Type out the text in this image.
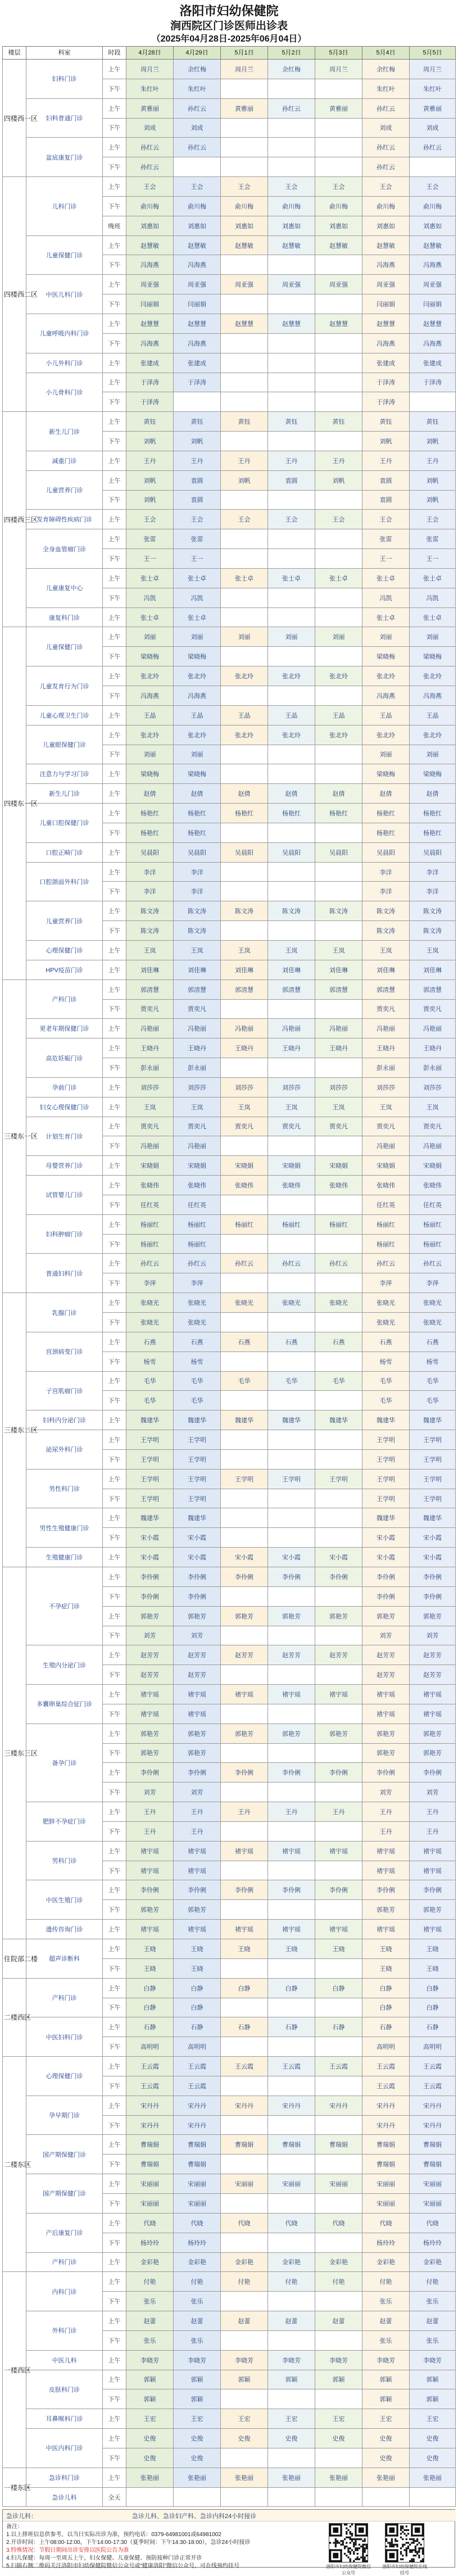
洛阳市妇幼保健院
涧西院区门诊医师出诊表
（2025年04月28日-2025年06月04日）
楼层	科室	时段	4月28日	4月29日	5月1日	5月2日	5月3日	5月4日	5月5日
四楼西一区	妇科门诊	上午	周月兰	余红梅	周月兰	余红梅	周月兰	余红梅	周月兰
		下午	朱红叶	朱红叶				朱红叶	朱红叶
	妇科普通门诊	上午	黄雅丽	孙红云	黄雅丽	孙红云	黄雅丽	孙红云	黄雅丽
		下午	刘成	刘成				刘成	刘成
	盆底康复门诊	上午	孙红云	孙红云				孙红云	孙红云
		下午	孙红云					孙红云	
四楼西二区	儿科门诊	上午	王会	王会	王会	王会	王会	王会	王会
		下午	俞川梅	俞川梅	俞川梅	俞川梅	俞川梅	俞川梅	俞川梅
		晚班	刘惠如	刘惠如	刘惠如	刘惠如	刘惠如	刘惠如	刘惠如
	儿童保健门诊	上午	赵慧敏	赵慧敏	赵慧敏	赵慧敏	赵慧敏	赵慧敏	赵慧敏
		下午	冯海燕	冯海燕				冯海燕	冯海燕
	中医儿科门诊	上午	周亚强	周亚强	周亚强	周亚强	周亚强	周亚强	周亚强
		下午	闫丽娟	闫丽娟				闫丽娟	闫丽娟
	儿童呼吸内科门诊	上午	赵慧慧	赵慧慧	赵慧慧	赵慧慧	赵慧慧	赵慧慧	赵慧慧
		下午	冯海燕	冯海燕				冯海燕	冯海燕
	小儿外科门诊	上午	张建成	张建成				张建成	张建成
	小儿骨科门诊	上午	于泽涛	于泽涛				于泽涛	于泽涛
		下午	于泽涛					于泽涛	
四楼西三区	新生儿门诊	上午	黄钰	黄钰	黄钰	黄钰	黄钰	黄钰	黄钰
		下午	刘帆	刘帆				刘帆	刘帆
	减重门诊	上午	王丹	王丹	王丹	王丹	王丹	王丹	王丹
	儿童营养门诊	上午	刘帆	袁圆	刘帆	袁圆	刘帆	袁圆	刘帆
		下午	刘帆	袁圆				袁圆	刘帆
	发育障碍性疾病门诊	上午	王会	王会	王会	王会	王会	王会	王会
	全身血管瘤门诊	上午	张雷	张雷				张雷	张雷
		下午	王一	王一				王一	王一
	儿童康复中心	上午	张士卓	张士卓	张士卓	张士卓	张士卓	张士卓	张士卓
		下午	冯凯	冯凯				冯凯	冯凯
	康复科门诊	上午	张士卓	张士卓				张士卓	张士卓
四楼东一区	儿童保健门诊	上午	刘丽	刘丽	刘丽	刘丽	刘丽	刘丽	刘丽
		下午	梁晓梅	梁晓梅				梁晓梅	梁晓梅
	儿童发育行为门诊	上午	张北玲	张北玲	张北玲	张北玲	张北玲	张北玲	张北玲
		下午	冯海燕	冯海燕				冯海燕	冯海燕
	儿童心理卫生门诊	上午	王晶	王晶	王晶	王晶	王晶	王晶	王晶
	儿童眼保健门诊	上午	张北玲	张北玲	张北玲	张北玲	张北玲	张北玲	张北玲
		下午	刘丽	刘丽				刘丽	刘丽
	注意力与学习门诊	上午	梁晓梅	梁晓梅				梁晓梅	梁晓梅
	新生儿门诊	上午	赵倩	赵倩	赵倩	赵倩	赵倩	赵倩	赵倩
	儿童口腔保健门诊	上午	杨艳红	杨艳红	杨艳红	杨艳红	杨艳红	杨艳红	杨艳红
		下午	杨艳红	杨艳红				杨艳红	杨艳红
	口腔正畸门诊	上午	吴晨阳	吴晨阳	吴晨阳	吴晨阳	吴晨阳	吴晨阳	吴晨阳
	口腔颌面外科门诊	上午	李洋	李洋				李洋	李洋
		下午	李洋	李洋				李洋	李洋
	儿童营养门诊	上午	陈文涛	陈文涛	陈文涛	陈文涛	陈文涛	陈文涛	陈文涛
		下午	陈文涛	陈文涛				陈文涛	陈文涛
	心理保健门诊	上午	王岚	王岚	王岚	王岚	王岚	王岚	王岚
	HPV疫苗门诊	上午	刘佳琳	刘佳琳	刘佳琳	刘佳琳	刘佳琳	刘佳琳	刘佳琳
三楼东一区	产科门诊	上午	郭清慧	郭清慧	郭清慧	郭清慧	郭清慧	郭清慧	郭清慧
		下午	贾奕凡	贾奕凡				贾奕凡	贾奕凡
	更老年期保健门诊	上午	冯艳丽	冯艳丽	冯艳丽	冯艳丽	冯艳丽	冯艳丽	冯艳丽
	高危妊娠门诊	上午	王晓丹	王晓丹	王晓丹	王晓丹	王晓丹	王晓丹	王晓丹
		下午	彭永丽	彭永丽				彭永丽	彭永丽
	孕前门诊	上午	刘莎莎	刘莎莎	刘莎莎	刘莎莎	刘莎莎	刘莎莎	刘莎莎
	妇女心理保健门诊	上午	王岚	王岚	王岚	王岚	王岚	王岚	王岚
	计划生育门诊	上午	贾奕凡	贾奕凡	贾奕凡	贾奕凡	贾奕凡	贾奕凡	贾奕凡
		下午	冯艳丽	冯艳丽				冯艳丽	冯艳丽
	母婴营养门诊	上午	宋晓娟	宋晓娟	宋晓娟	宋晓娟	宋晓娟	宋晓娟	宋晓娟
	试管婴儿门诊	上午	张晓伟	张晓伟	张晓伟	张晓伟	张晓伟	张晓伟	张晓伟
		下午	任红英	任红英				任红英	任红英
	妇科肿瘤门诊	上午	杨丽红	杨丽红	杨丽红	杨丽红	杨丽红	杨丽红	杨丽红
		下午	杨丽红	杨丽红				杨丽红	杨丽红
	普通妇科门诊	上午	孙红云	孙红云	孙红云	孙红云	孙红云	孙红云	孙红云
		下午	李萍	李萍				李萍	李萍
三楼东二区	乳腺门诊	上午	张晓光	张晓光	张晓光	张晓光	张晓光	张晓光	张晓光
		下午	张晓光	张晓光				张晓光	张晓光
	宫颈病变门诊	上午	石燕	石燕	石燕	石燕	石燕	石燕	石燕
		下午	杨雪	杨雪				杨雪	杨雪
	子宫肌瘤门诊	上午	毛华	毛华	毛华	毛华	毛华	毛华	毛华
		下午	毛华	毛华				毛华	毛华
	妇科内分泌门诊	上午	魏建华	魏建华	魏建华	魏建华	魏建华	魏建华	魏建华
	泌尿外科门诊	上午	王学明	王学明				王学明	王学明
		下午	王学明	王学明				王学明	王学明
	男性科门诊	上午	王学明	王学明	王学明	王学明	王学明	王学明	王学明
		下午	王学明	王学明				王学明	王学明
	男性生殖健康门诊	上午	魏建华	魏建华				魏建华	魏建华
		下午	宋小霞	宋小霞				宋小霞	宋小霞
	生殖健康门诊	上午	宋小霞	宋小霞	宋小霞	宋小霞	宋小霞	宋小霞	宋小霞
三楼东三区	不孕症门诊	上午	李伶俐	李伶俐	李伶俐	李伶俐	李伶俐	李伶俐	李伶俐
		下午	李伶俐	李伶俐				李伶俐	李伶俐
		上午	郭艳芳	郭艳芳	郭艳芳	郭艳芳	郭艳芳	郭艳芳	郭艳芳
		下午	刘芳	刘芳				刘芳	刘芳
	生殖内分泌门诊	上午	赵芳芳	赵芳芳	赵芳芳	赵芳芳	赵芳芳	赵芳芳	赵芳芳
		下午	赵芳芳	赵芳芳				赵芳芳	赵芳芳
	多囊卵巢综合征门诊	上午	褚宇瑶	褚宇瑶	褚宇瑶	褚宇瑶	褚宇瑶	褚宇瑶	褚宇瑶
		下午	褚宇瑶	褚宇瑶				褚宇瑶	褚宇瑶
	备孕门诊	上午	郭艳芳	郭艳芳	郭艳芳	郭艳芳	郭艳芳	郭艳芳	郭艳芳
		下午	郭艳芳	郭艳芳				郭艳芳	郭艳芳
		上午	李伶俐	李伶俐	李伶俐	李伶俐	李伶俐	李伶俐	李伶俐
		下午	刘芳	刘芳				刘芳	刘芳
	肥胖不孕症门诊	上午	王丹	王丹	王丹	王丹	王丹	王丹	王丹
		下午	王丹	王丹				王丹	王丹
	男科门诊	上午	褚宇瑶	褚宇瑶	褚宇瑶	褚宇瑶	褚宇瑶	褚宇瑶	褚宇瑶
		下午	褚宇瑶	褚宇瑶				褚宇瑶	褚宇瑶
	中医生殖门诊	上午	李伶俐	李伶俐	李伶俐	李伶俐	李伶俐	李伶俐	李伶俐
		下午	郭艳芳	郭艳芳				郭艳芳	郭艳芳
	遗传咨询门诊	上午	褚宇瑶	褚宇瑶	褚宇瑶	褚宇瑶	褚宇瑶	褚宇瑶	褚宇瑶
住院部二楼	超声诊断科	上午	王晓	王晓	王晓	王晓	王晓	王晓	王晓
		下午	王晓	王晓				王晓	王晓
二楼西区	产科门诊	上午	白静	白静	白静	白静	白静	白静	白静
		下午	白静	白静				白静	白静
	中医妇科门诊	上午	石静	石静	石静	石静	石静	石静	石静
		下午	高明明	高明明				高明明	高明明
二楼东区	心理保健门诊	上午	王云霞	王云霞	王云霞	王云霞	王云霞	王云霞	王云霞
		下午	王云霞	王云霞				王云霞	王云霞
	孕早期门诊	上午	宋丹丹	宋丹丹	宋丹丹	宋丹丹	宋丹丹	宋丹丹	宋丹丹
		下午	宋丹丹	宋丹丹				宋丹丹	宋丹丹
	国产期保健门诊	上午	曹瑞娟	曹瑞娟	曹瑞娟	曹瑞娟	曹瑞娟	曹瑞娟	曹瑞娟
		下午	曹瑞娟	曹瑞娟				曹瑞娟	曹瑞娟
	国产期保健门诊	上午	宋丽丽	宋丽丽	宋丽丽	宋丽丽	宋丽丽	宋丽丽	宋丽丽
		下午	宋丽丽	宋丽丽				宋丽丽	宋丽丽
	产后康复门诊	上午	代晓	代晓	代晓	代晓	代晓	代晓	代晓
		下午	杨玲玲	杨玲玲				杨玲玲	杨玲玲
	产科门诊	上午	金彩艳	金彩艳	金彩艳	金彩艳	金彩艳	金彩艳	金彩艳
一楼西区	内科门诊	上午	付艳	付艳	付艳	付艳	付艳	付艳	付艳
		下午	张乐	张乐				张乐	张乐
	外科门诊	上午	赵蕾	赵蕾	赵蕾	赵蕾	赵蕾	赵蕾	赵蕾
		下午	张乐	张乐				张乐	张乐
	中医儿科	上午	李晓芳	李晓芳	李晓芳	李晓芳	李晓芳	李晓芳	李晓芳
	皮肤科门诊	上午	郭颖	郭颖	郭颖	郭颖	郭颖	郭颖	郭颖
		下午	郭颖	郭颖				郭颖	郭颖
	耳鼻喉科门诊	上午	王宏	王宏	王宏	王宏	王宏	王宏	王宏
	中医内科门诊	上午	史俊	史俊	史俊	史俊	史俊	史俊	史俊
		下午	史俊	史俊				史俊	史俊
一楼东区	急诊科门诊	上午	张艳丽	张艳丽	张艳丽	张艳丽	张艳丽	张艳丽	张艳丽
	急诊儿科	全天							
急诊儿科：	急诊儿科、急诊妇产科、急诊内科24小时接诊
备注：
1.以上排班信息供参考，以当日实际出诊为准，预约电话：0379-64981001或64981002
2.开诊时间：上午08:00-12:00，下午14:00-17:30（夏季时间：下午14:30-18:00），急诊24小时接诊
3.特殊情况：节假日期间出诊安排以医院公告为准
4.妇儿保健：每周一至周五上午，妇女保健、儿童保健、预防接种门诊正常开诊
5.扫描右侧二维码关注洛阳市妇幼保健院微信公众号或“健康洛阳”微信公众号，可在线预约挂号	洛阳市妇幼保健院微信公众号
洛阳市妇幼保健院在线挂号
